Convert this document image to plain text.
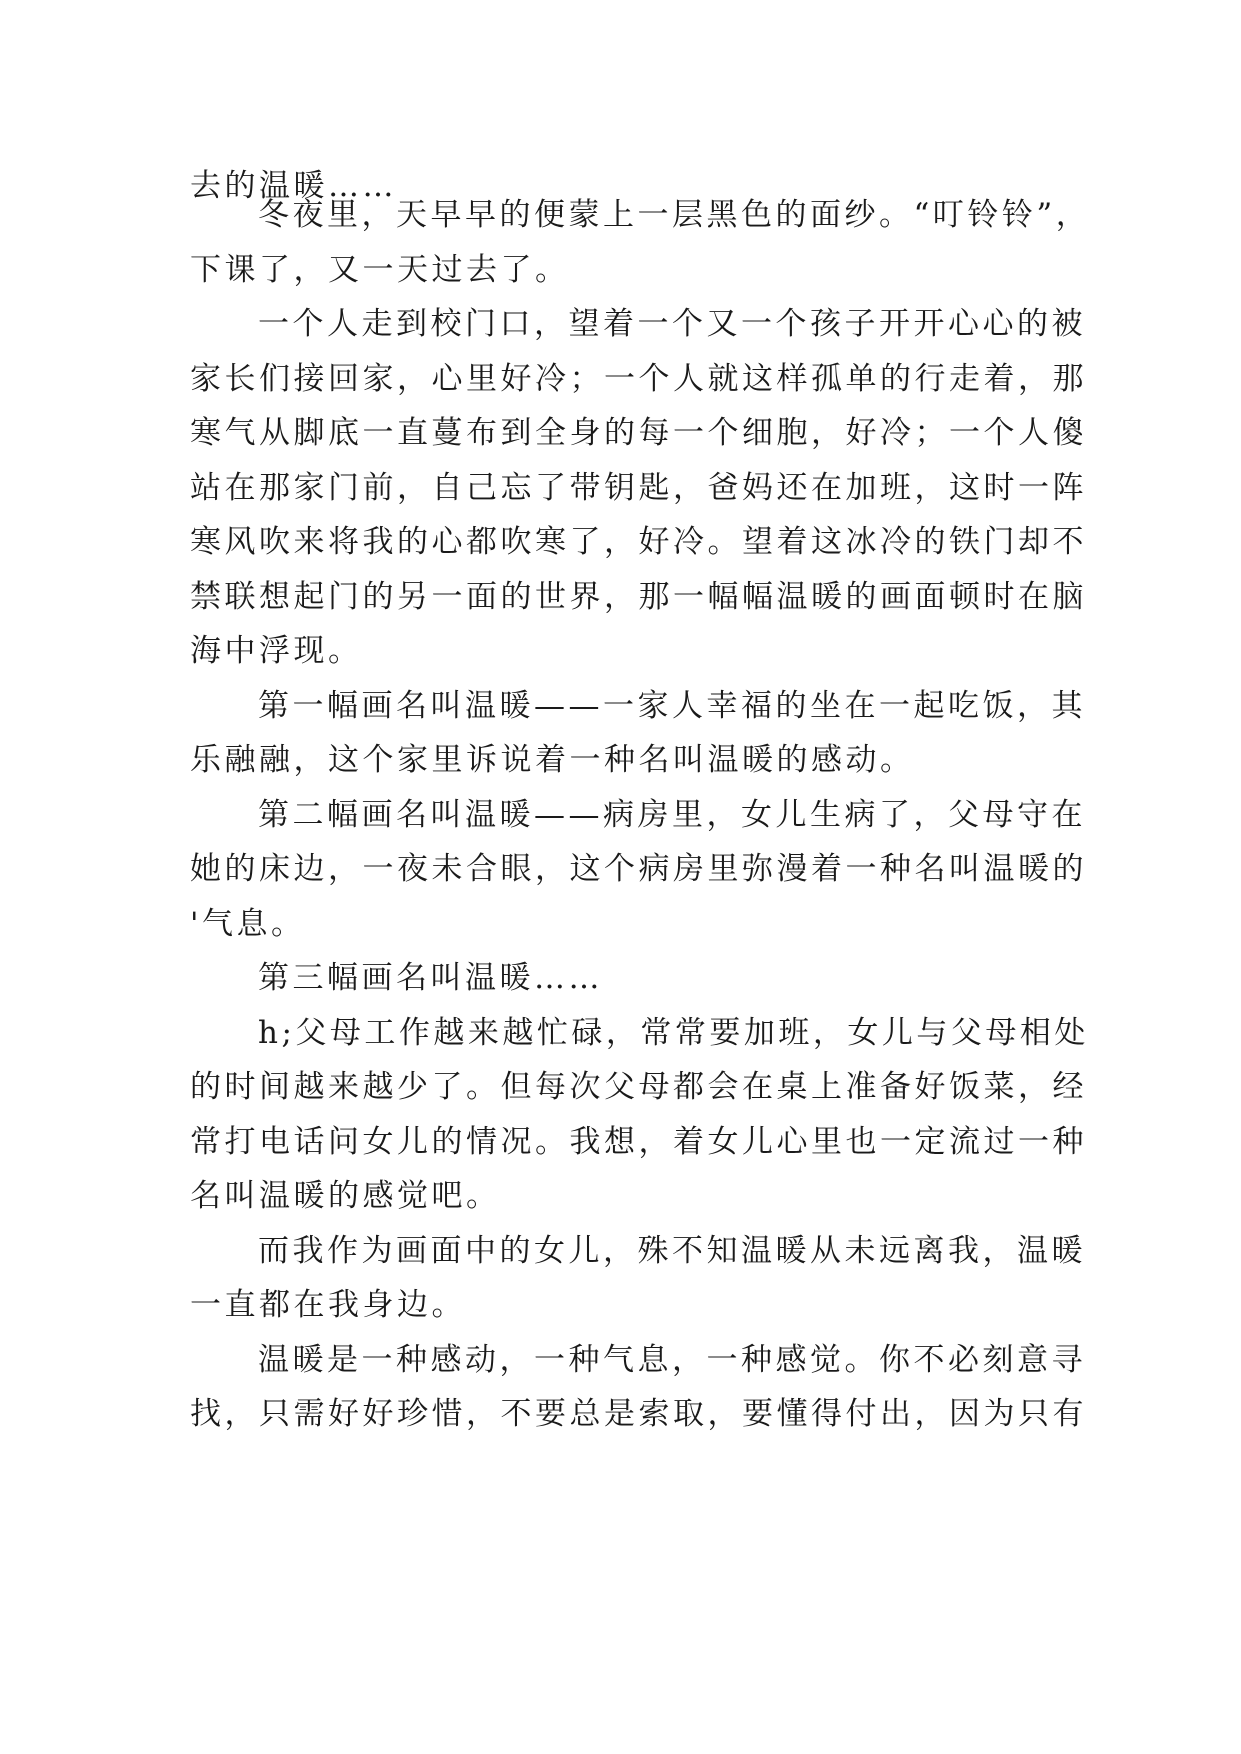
去的温暖……
冬夜里，天早早的便蒙上一层黑色的面纱。“叮铃铃”，
下课了，又一天过去了。
一个人走到校门口，望着一个又一个孩子开开心心的被
家长们接回家，心里好冷；一个人就这样孤单的行走着，那
寒气从脚底一直蔓布到全身的每一个细胞，好冷；一个人傻
站在那家门前，自己忘了带钥匙，爸妈还在加班，这时一阵
寒风吹来将我的心都吹寒了，好冷。望着这冰冷的铁门却不
禁联想起门的另一面的世界，那一幅幅温暖的画面顿时在脑
海中浮现。
第一幅画名叫温暖——一家人幸福的坐在一起吃饭，其
乐融融，这个家里诉说着一种名叫温暖的感动。
第二幅画名叫温暖——病房里，女儿生病了，父母守在
她的床边，一夜未合眼，这个病房里弥漫着一种名叫温暖的
'气息。
第三幅画名叫温暖……
h;父母工作越来越忙碌，常常要加班，女儿与父母相处
的时间越来越少了。但每次父母都会在桌上准备好饭菜，经
常打电话问女儿的情况。我想，着女儿心里也一定流过一种
名叫温暖的感觉吧。
而我作为画面中的女儿，殊不知温暖从未远离我，温暖
一直都在我身边。
温暖是一种感动，一种气息，一种感觉。你不必刻意寻
找，只需好好珍惜，不要总是索取，要懂得付出，因为只有
